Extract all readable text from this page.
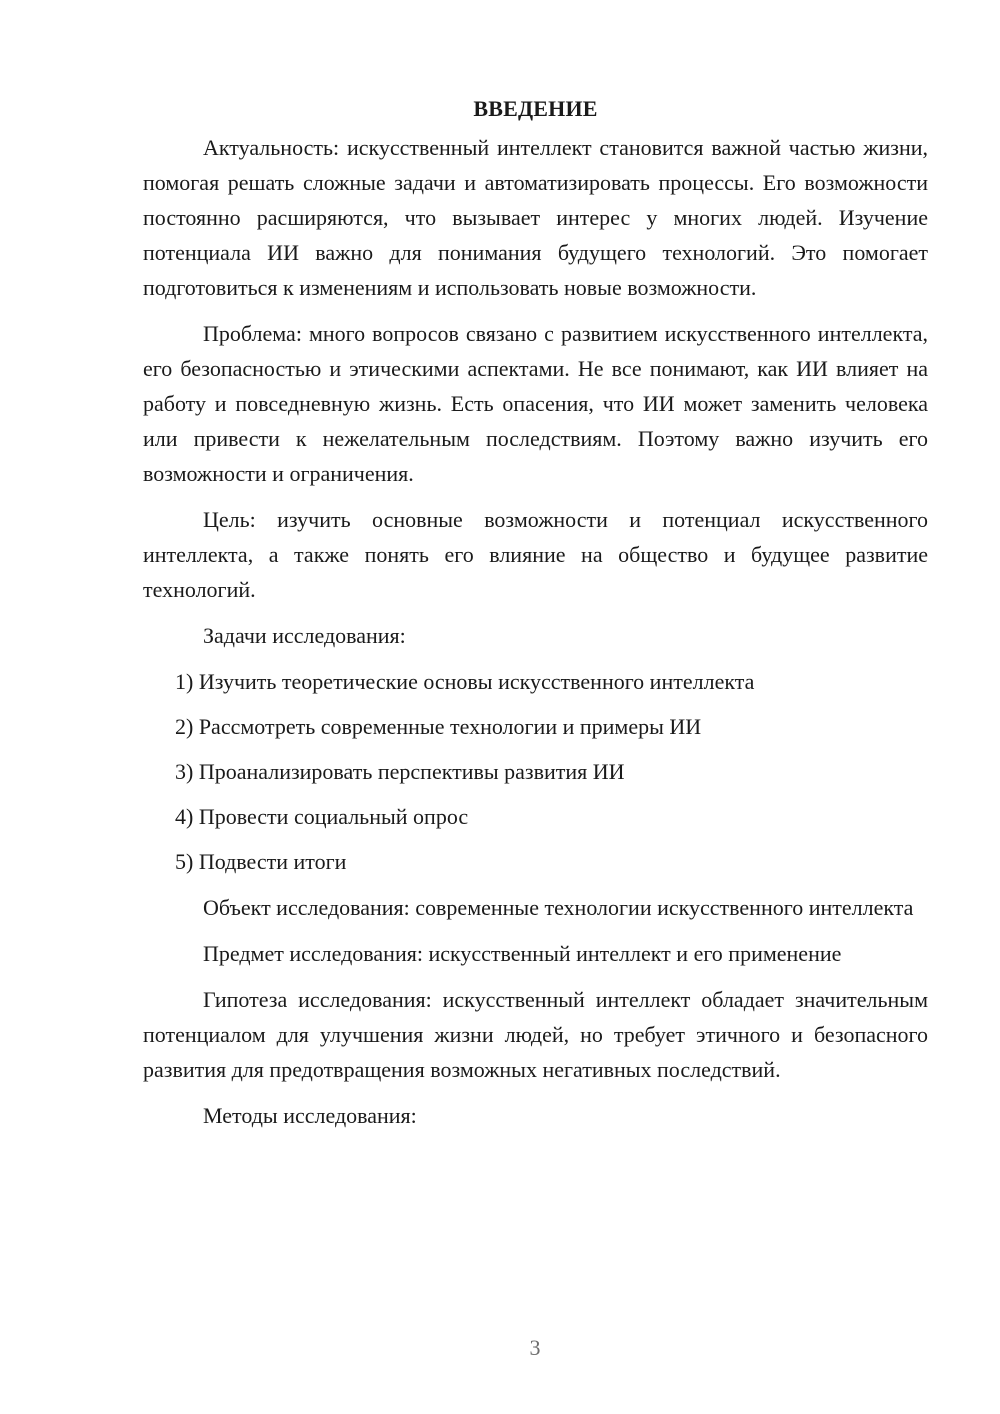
ВВЕДЕНИЕ

Актуальность: искусственный интеллект становится важной частью жизни, помогая решать сложные задачи и автоматизировать процессы. Его возможности постоянно расширяются, что вызывает интерес у многих людей. Изучение потенциала ИИ важно для понимания будущего технологий. Это помогает подготовиться к изменениям и использовать новые возможности.

Проблема: много вопросов связано с развитием искусственного интеллекта, его безопасностью и этическими аспектами. Не все понимают, как ИИ влияет на работу и повседневную жизнь. Есть опасения, что ИИ может заменить человека или привести к нежелательным последствиям. Поэтому важно изучить его возможности и ограничения.

Цель: изучить основные возможности и потенциал искусственного интеллекта, а также понять его влияние на общество и будущее развитие технологий.

Задачи исследования:

1) Изучить теоретические основы искусственного интеллекта
2) Рассмотреть современные технологии и примеры ИИ
3) Проанализировать перспективы развития ИИ
4) Провести социальный опрос
5) Подвести итоги

Объект исследования: современные технологии искусственного интеллекта

Предмет исследования: искусственный интеллект и его применение

Гипотеза исследования: искусственный интеллект обладает значительным потенциалом для улучшения жизни людей, но требует этичного и безопасного развития для предотвращения возможных негативных последствий.

Методы исследования:

3
